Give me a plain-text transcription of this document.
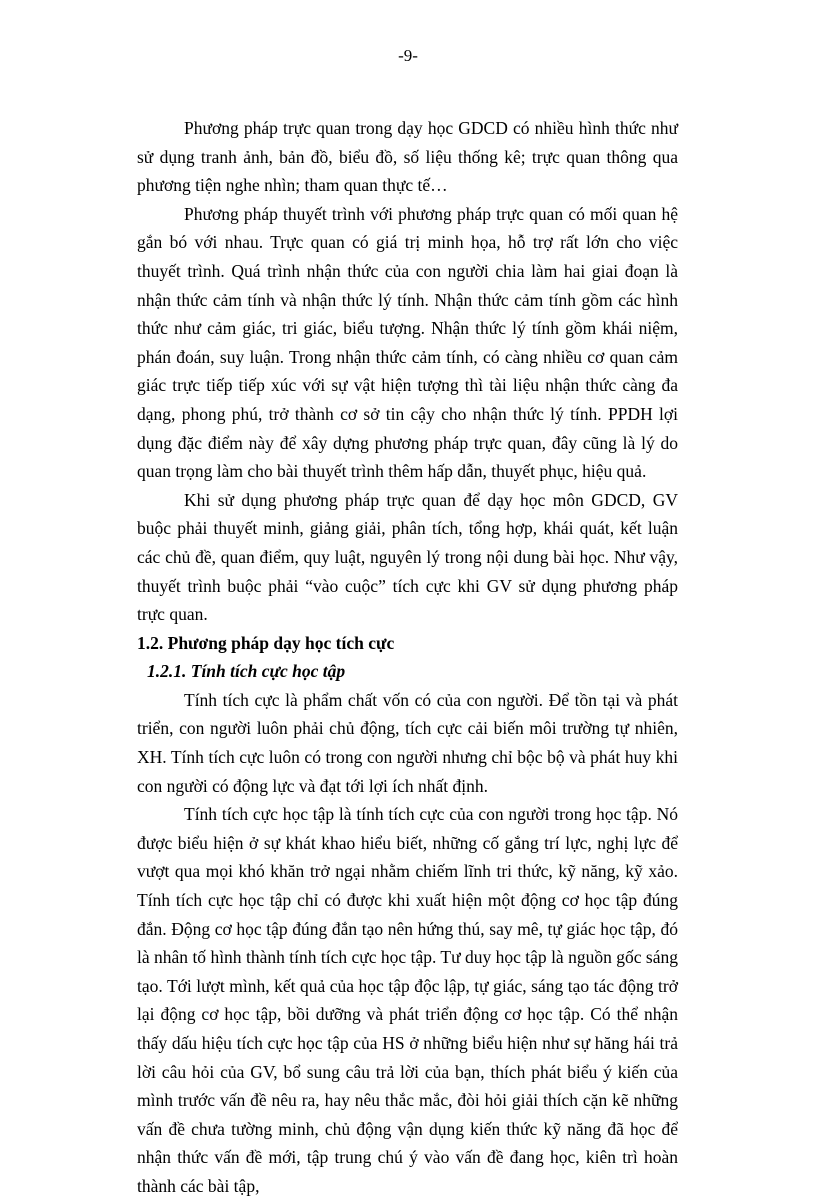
-9-

Phương pháp trực quan trong dạy học GDCD có nhiều hình thức như sử dụng tranh ảnh, bản đồ, biểu đồ, số liệu thống kê; trực quan thông qua phương tiện nghe nhìn; tham quan thực tế…

Phương pháp thuyết trình với phương pháp trực quan có mối quan hệ gắn bó với nhau. Trực quan có giá trị minh họa, hỗ trợ rất lớn cho việc thuyết trình. Quá trình nhận thức của con người chia làm hai giai đoạn là nhận thức cảm tính và nhận thức lý tính. Nhận thức cảm tính gồm các hình thức như cảm giác, tri giác, biểu tượng. Nhận thức lý tính gồm khái niệm, phán đoán, suy luận. Trong nhận thức cảm tính, có càng nhiều cơ quan cảm giác trực tiếp tiếp xúc với sự vật hiện tượng thì tài liệu nhận thức càng đa dạng, phong phú, trở thành cơ sở tin cậy cho nhận thức lý tính. PPDH lợi dụng đặc điểm này để xây dựng phương pháp trực quan, đây cũng là lý do quan trọng làm cho bài thuyết trình thêm hấp dẫn, thuyết phục, hiệu quả.

Khi sử dụng phương pháp trực quan để dạy học môn GDCD, GV buộc phải thuyết minh, giảng giải, phân tích, tổng hợp, khái quát, kết luận các chủ đề, quan điểm, quy luật, nguyên lý trong nội dung bài học. Như vậy, thuyết trình buộc phải “vào cuộc” tích cực khi GV sử dụng phương pháp trực quan.

1.2. Phương pháp dạy học tích cực

1.2.1. Tính tích cực học tập

Tính tích cực là phẩm chất vốn có của con người. Để tồn tại và phát triển, con người luôn phải chủ động, tích cực cải biến môi trường tự nhiên, XH. Tính tích cực luôn có trong con người nhưng chỉ bộc bộ và phát huy khi con người có động lực và đạt tới lợi ích nhất định.

Tính tích cực học tập là tính tích cực của con người trong học tập. Nó được biểu hiện ở sự khát khao hiểu biết, những cố gắng trí lực, nghị lực để vượt qua mọi khó khăn trở ngại nhằm chiếm lĩnh tri thức, kỹ năng, kỹ xảo. Tính tích cực học tập chỉ có được khi xuất hiện một động cơ học tập đúng đắn. Động cơ học tập đúng đắn tạo nên hứng thú, say mê, tự giác học tập, đó là nhân tố hình thành tính tích cực học tập. Tư duy học tập là nguồn gốc sáng tạo. Tới lượt mình, kết quả của học tập độc lập, tự giác, sáng tạo tác động trở lại động cơ học tập, bồi dưỡng và phát triển động cơ học tập. Có thể nhận thấy dấu hiệu tích cực học tập của HS ở những biểu hiện như sự hăng hái trả lời câu hỏi của GV, bổ sung câu trả lời của bạn, thích phát biểu ý kiến của mình trước vấn đề nêu ra, hay nêu thắc mắc, đòi hỏi giải thích cặn kẽ những vấn đề chưa tường minh, chủ động vận dụng kiến thức kỹ năng đã học để nhận thức vấn đề mới, tập trung chú ý vào vấn đề đang học, kiên trì hoàn thành các bài tập,
